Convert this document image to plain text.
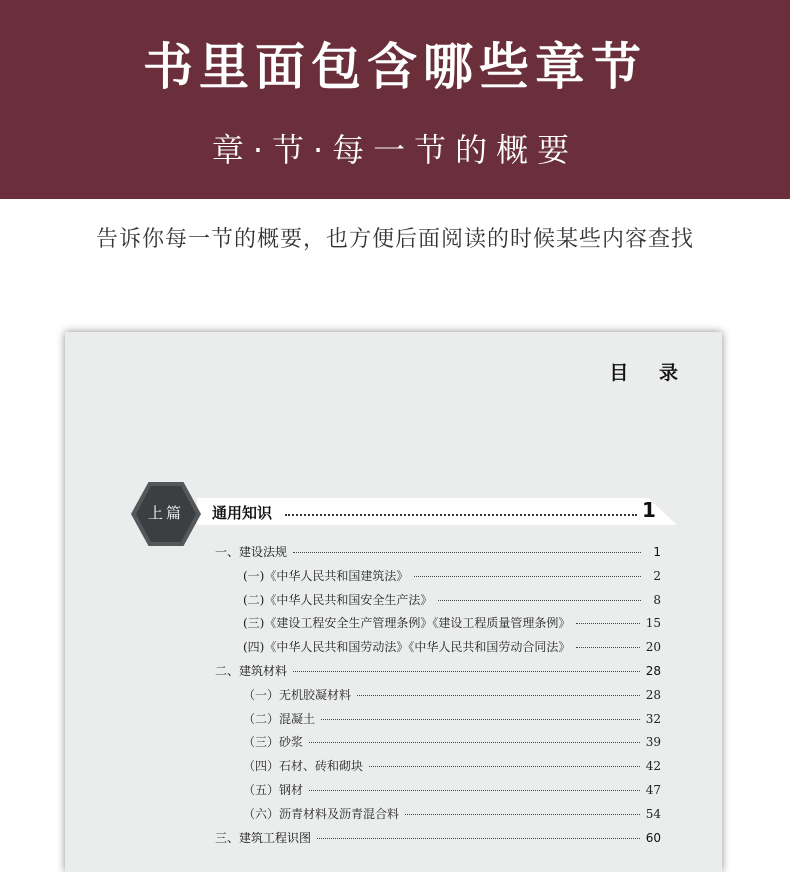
书里面包含哪些章节
章·节·每一节的概要
告诉你每一节的概要，也方便后面阅读的时候某些内容查找
目 录
通用知识	1
上篇
一、建设法规	1
(一)《中华人民共和国建筑法》	2
(二)《中华人民共和国安全生产法》	8
(三)《建设工程安全生产管理条例》《建设工程质量管理条例》	15
(四)《中华人民共和国劳动法》《中华人民共和国劳动合同法》	20
二、建筑材料	28
（一）无机胶凝材料	28
（二）混凝土	32
（三）砂浆	39
（四）石材、砖和砌块	42
（五）钢材	47
（六）沥青材料及沥青混合料	54
三、建筑工程识图	60
